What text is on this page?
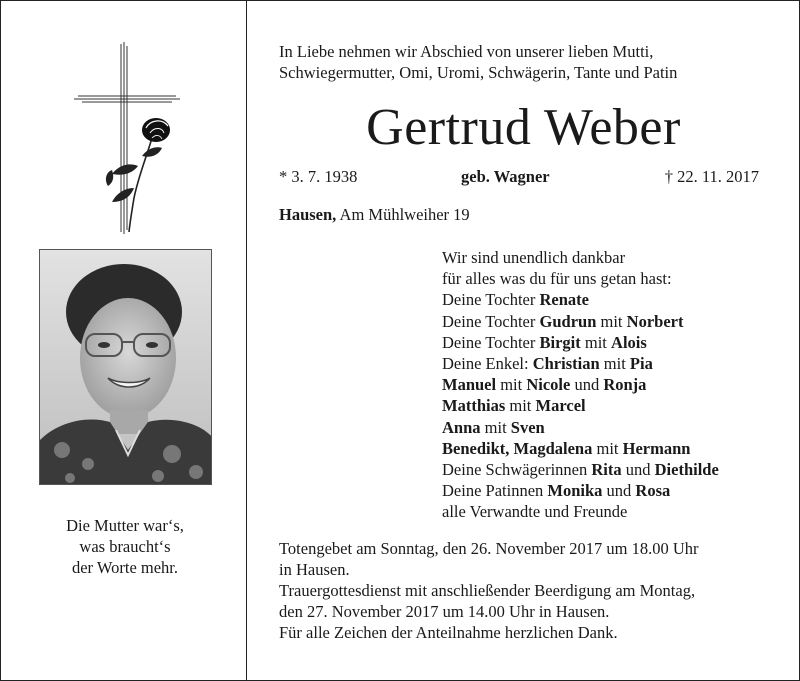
Die Mutter war‘s,
was braucht‘s
der Worte mehr.
In Liebe nehmen wir Abschied von unserer lieben Mutti,
Schwiegermutter, Omi, Uromi, Schwägerin, Tante und Patin
Gertrud Weber
* 3. 7. 1938	geb. Wagner	† 22. 11. 2017
Hausen, Am Mühlweiher 19
Wir sind unendlich dankbar
für alles was du für uns getan hast:
Deine Tochter Renate
Deine Tochter Gudrun mit Norbert
Deine Tochter Birgit mit Alois
Deine Enkel: Christian mit Pia
Manuel mit Nicole und Ronja
Matthias mit Marcel
Anna mit Sven
Benedikt, Magdalena mit Hermann
Deine Schwägerinnen Rita und Diethilde
Deine Patinnen Monika und Rosa
alle Verwandte und Freunde
Totengebet am Sonntag, den 26. November 2017 um 18.00 Uhr
in Hausen.
Trauergottesdienst mit anschließender Beerdigung am Montag,
den 27. November 2017 um 14.00 Uhr in Hausen.
Für alle Zeichen der Anteilnahme herzlichen Dank.
